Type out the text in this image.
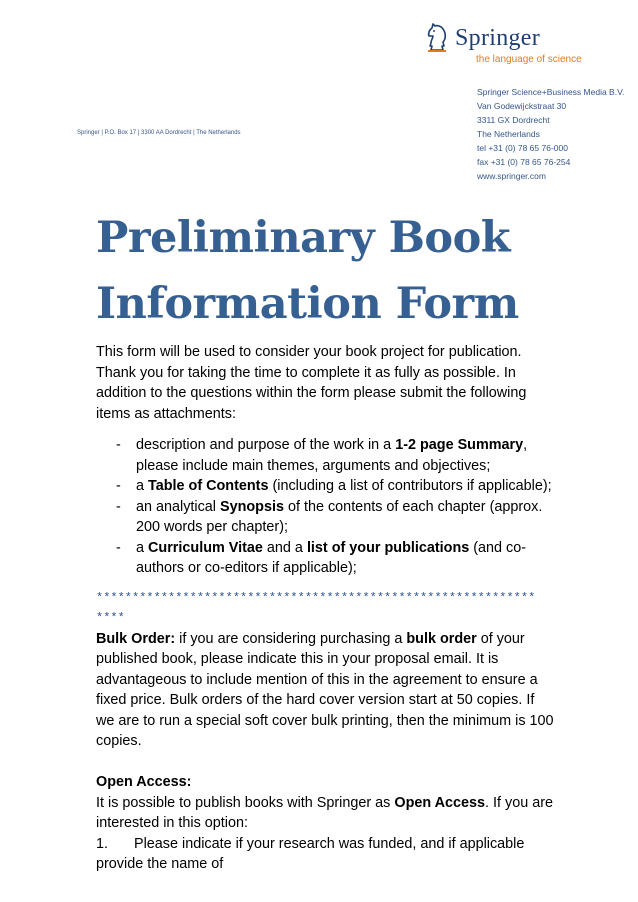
Springer
the language of science
Springer | P.O. Box 17 | 3300 AA Dordrecht | The Netherlands
Springer Science+Business Media B.V.
Van Godewijckstraat 30
3311 GX Dordrecht
The Netherlands
tel +31 (0) 78 65 76-000
fax +31 (0) 78 65 76-254
www.springer.com
Preliminary Book
Information Form

This form will be used to consider your book project for publication. Thank you for taking the time to complete it as fully as possible. In addition to the questions within the form please submit the following items as attachments:

- description and purpose of the work in a 1-2 page Summary, please include main themes, arguments and objectives;
- a Table of Contents (including a list of contributors if applicable);
- an analytical Synopsis of the contents of each chapter (approx. 200 words per chapter);
- a Curriculum Vitae and a list of your publications (and co-authors or co-editors if applicable);
*****************************************************************

Bulk Order: if you are considering purchasing a bulk order of your published book, please indicate this in your proposal email. It is advantageous to include mention of this in the agreement to ensure a fixed price. Bulk orders of the hard cover version start at 50 copies. If we are to run a special soft cover bulk printing, then the minimum is 100 copies.

Open Access:

It is possible to publish books with Springer as Open Access. If you are interested in this option:

1. Please indicate if your research was funded, and if applicable provide the name of
